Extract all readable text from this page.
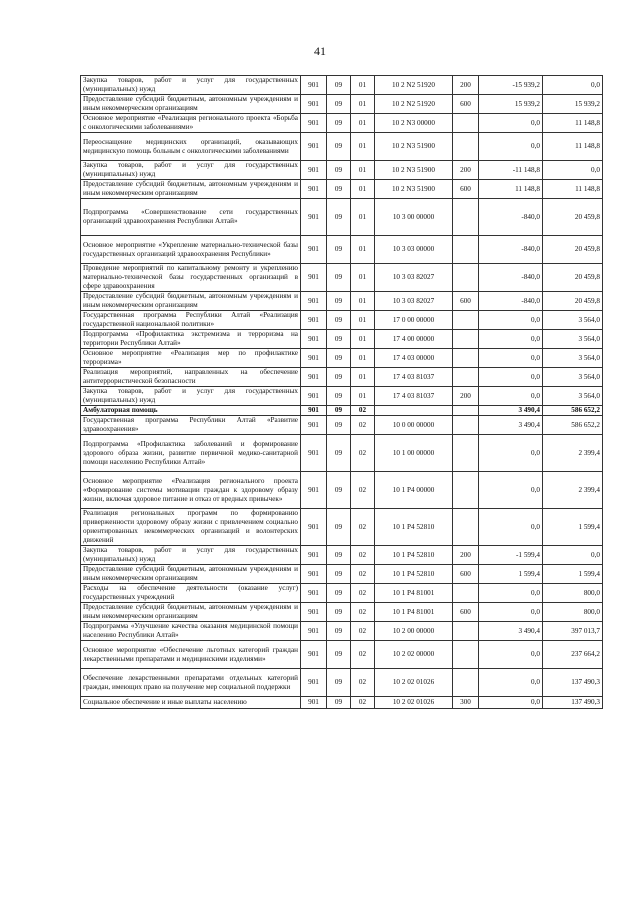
41
Закупка товаров, работ и услуг для государственных (муниципальных) нужд	901	09	01	10 2 N2 51920	200	-15 939,2	0,0
Предоставление субсидий бюджетным, автономным учреждениям и иным некоммерческим организациям	901	09	01	10 2 N2 51920	600	15 939,2	15 939,2
Основное мероприятие «Реализация регионального проекта «Борьба с онкологическими заболеваниями»	901	09	01	10 2 N3 00000		0,0	11 148,8
Переоснащение медицинских организаций, оказывающих медицинскую помощь больным с онкологическими заболеваниями	901	09	01	10 2 N3 51900		0,0	11 148,8
Закупка товаров, работ и услуг для государственных (муниципальных) нужд	901	09	01	10 2 N3 51900	200	-11 148,8	0,0
Предоставление субсидий бюджетным, автономным учреждениям и иным некоммерческим организациям	901	09	01	10 2 N3 51900	600	11 148,8	11 148,8
Подпрограмма «Совершенствование сети государственных организаций здравоохранения Республики Алтай»	901	09	01	10 3 00 00000		-840,0	20 459,8
Основное мероприятие «Укрепление материально-технической базы государственных организаций здравоохранения Республики»	901	09	01	10 3 03 00000		-840,0	20 459,8
Проведение мероприятий по капитальному ремонту и укреплению материально-технической базы государственных организаций в сфере здравоохранения	901	09	01	10 3 03 82027		-840,0	20 459,8
Предоставление субсидий бюджетным, автономным учреждениям и иным некоммерческим организациям	901	09	01	10 3 03 82027	600	-840,0	20 459,8
Государственная программа Республики Алтай «Реализация государственной национальной политики»	901	09	01	17 0 00 00000		0,0	3 564,0
Подпрограмма «Профилактика экстремизма и терроризма на территории Республики Алтай»	901	09	01	17 4 00 00000		0,0	3 564,0
Основное мероприятие «Реализация мер по профилактике терроризма»	901	09	01	17 4 03 00000		0,0	3 564,0
Реализация мероприятий, направленных на обеспечение антитеррористической безопасности	901	09	01	17 4 03 81037		0,0	3 564,0
Закупка товаров, работ и услуг для государственных (муниципальных) нужд	901	09	01	17 4 03 81037	200	0,0	3 564,0
Амбулаторная помощь	901	09	02			3 490,4	586 652,2
Государственная программа Республики Алтай «Развитие здравоохранения»	901	09	02	10 0 00 00000		3 490,4	586 652,2
Подпрограмма «Профилактика заболеваний и формирование здорового образа жизни, развитие первичной медико-санитарной помощи населению Республики Алтай»	901	09	02	10 1 00 00000		0,0	2 399,4
Основное мероприятие «Реализация регионального проекта «Формирование системы мотивации граждан к здоровому образу жизни, включая здоровое питание и отказ от вредных привычек»	901	09	02	10 1 P4 00000		0,0	2 399,4
Реализация региональных программ по формированию приверженности здоровому образу жизни с привлечением социально ориентированных некоммерческих организаций и волонтерских движений	901	09	02	10 1 P4 52810		0,0	1 599,4
Закупка товаров, работ и услуг для государственных (муниципальных) нужд	901	09	02	10 1 P4 52810	200	-1 599,4	0,0
Предоставление субсидий бюджетным, автономным учреждениям и иным некоммерческим организациям	901	09	02	10 1 P4 52810	600	1 599,4	1 599,4
Расходы на обеспечение деятельности (оказание услуг) государственных учреждений	901	09	02	10 1 P4 81001		0,0	800,0
Предоставление субсидий бюджетным, автономным учреждениям и иным некоммерческим организациям	901	09	02	10 1 P4 81001	600	0,0	800,0
Подпрограмма «Улучшение качества оказания медицинской помощи населению Республики Алтай»	901	09	02	10 2 00 00000		3 490,4	397 013,7
Основное мероприятие «Обеспечение льготных категорий граждан лекарственными препаратами и медицинскими изделиями»	901	09	02	10 2 02 00000		0,0	237 664,2
Обеспечение лекарственными препаратами отдельных категорий граждан, имеющих право на получение мер социальной поддержки	901	09	02	10 2 02 01026		0,0	137 490,3
Социальное обеспечение и иные выплаты населению	901	09	02	10 2 02 01026	300	0,0	137 490,3
